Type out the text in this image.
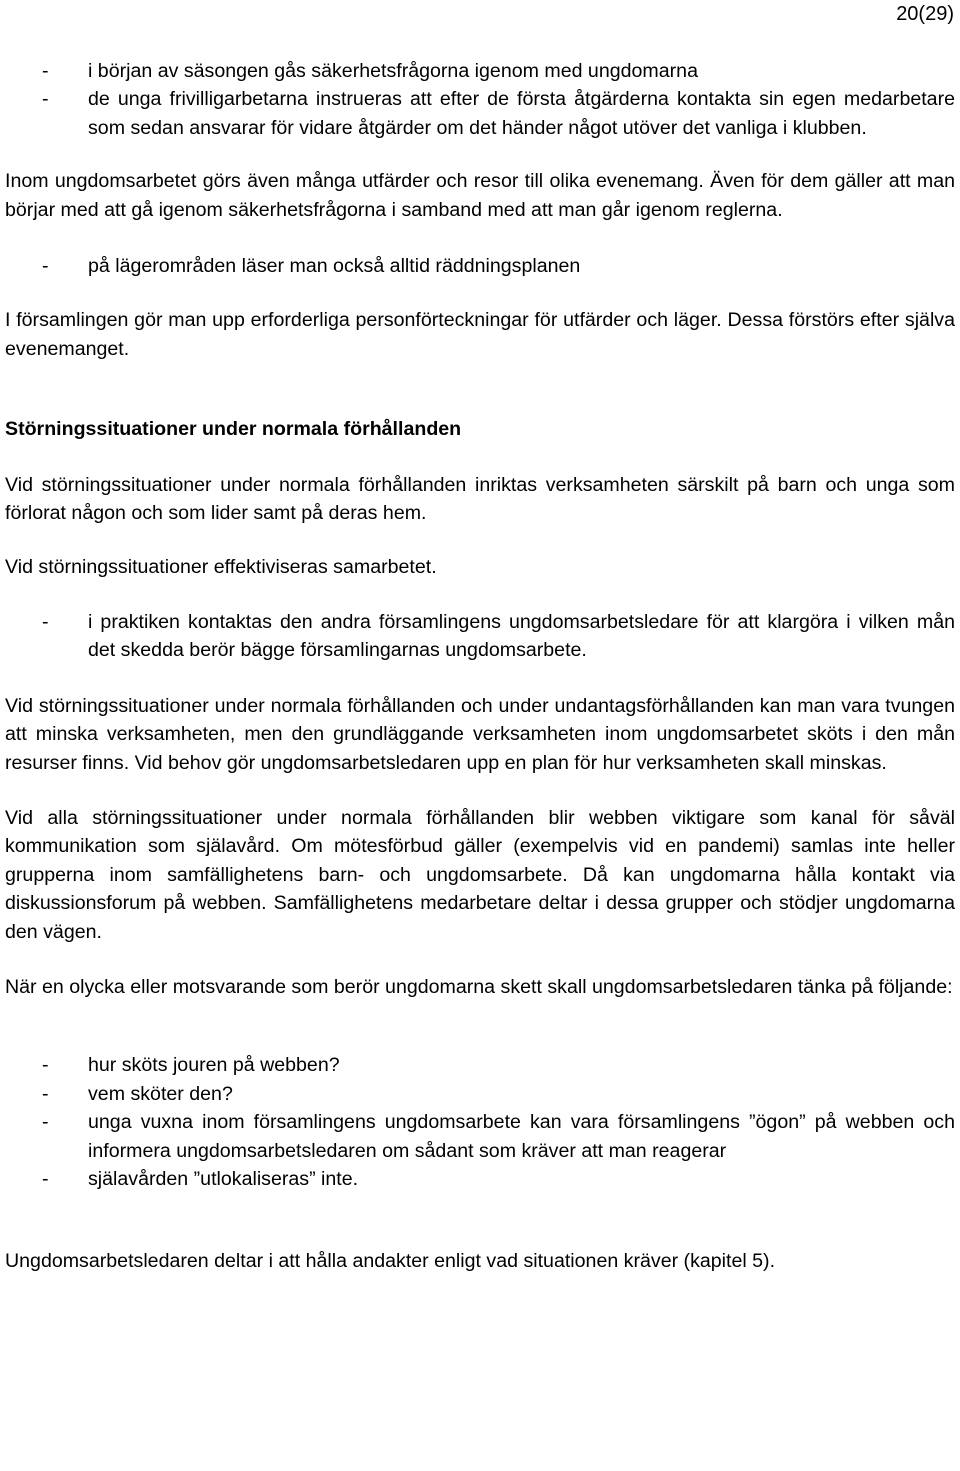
20(29)
- i början av säsongen gås säkerhetsfrågorna igenom med ungdomarna
- de unga frivilligarbetarna instrueras att efter de första åtgärderna kontakta sin egen medarbetare som sedan ansvarar för vidare åtgärder om det händer något utöver det vanliga i klubben.

Inom ungdomsarbetet görs även många utfärder och resor till olika evenemang. Även för dem gäller att man börjar med att gå igenom säkerhetsfrågorna i samband med att man går igenom reglerna.

- på lägerområden läser man också alltid räddningsplanen

I församlingen gör man upp erforderliga personförteckningar för utfärder och läger. Dessa förstörs efter själva evenemanget.

Störningssituationer under normala förhållanden

Vid störningssituationer under normala förhållanden inriktas verksamheten särskilt på barn och unga som förlorat någon och som lider samt på deras hem.

Vid störningssituationer effektiviseras samarbetet.

- i praktiken kontaktas den andra församlingens ungdomsarbetsledare för att klargöra i vilken mån det skedda berör bägge församlingarnas ungdomsarbete.

Vid störningssituationer under normala förhållanden och under undantagsförhållanden kan man vara tvungen att minska verksamheten, men den grundläggande verksamheten inom ungdomsarbetet sköts i den mån resurser finns. Vid behov gör ungdomsarbetsledaren upp en plan för hur verksamheten skall minskas.

Vid alla störningssituationer under normala förhållanden blir webben viktigare som kanal för såväl kommunikation som själavård. Om mötesförbud gäller (exempelvis vid en pandemi) samlas inte heller grupperna inom samfällighetens barn- och ungdomsarbete. Då kan ungdomarna hålla kontakt via diskussionsforum på webben. Samfällighetens medarbetare deltar i dessa grupper och stödjer ungdomarna den vägen.

När en olycka eller motsvarande som berör ungdomarna skett skall ungdomsarbetsledaren tänka på följande:

- hur sköts jouren på webben?
- vem sköter den?
- unga vuxna inom församlingens ungdomsarbete kan vara församlingens ”ögon” på webben och informera ungdomsarbetsledaren om sådant som kräver att man reagerar
- själavården ”utlokaliseras” inte.

Ungdomsarbetsledaren deltar i att hålla andakter enligt vad situationen kräver (kapitel 5).
